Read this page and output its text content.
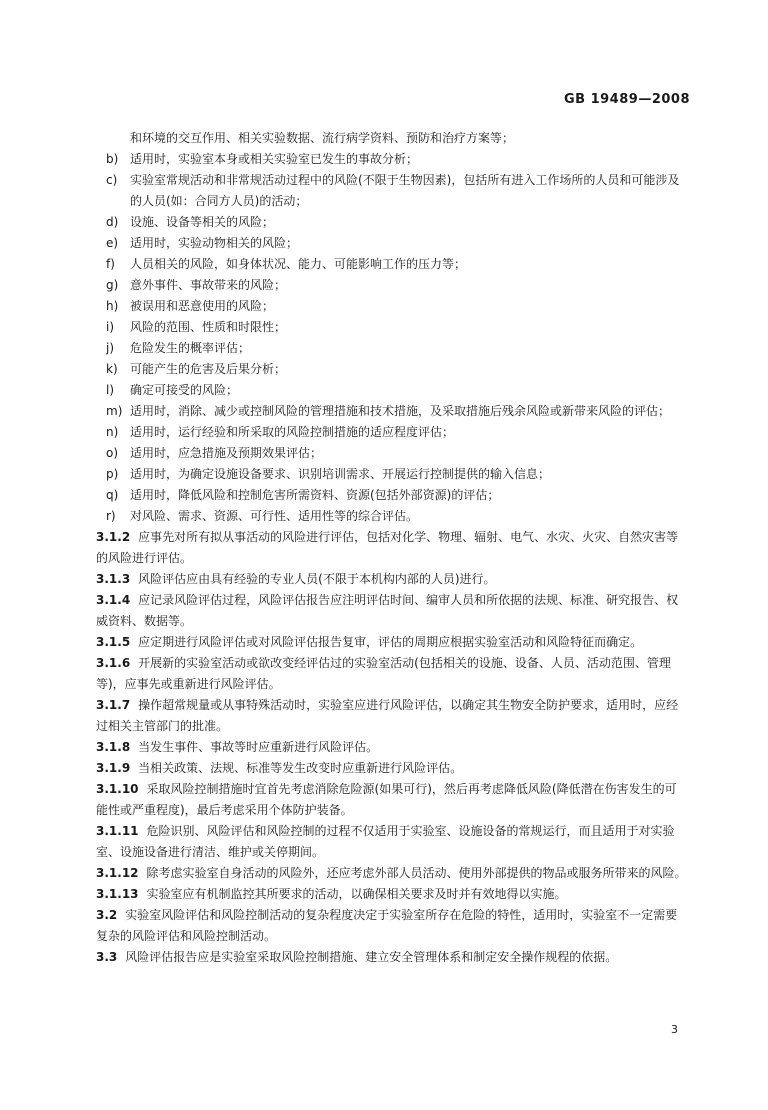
GB 19489—2008

和环境的交互作用、相关实验数据、流行病学资料、预防和治疗方案等；

b) 适用时，实验室本身或相关实验室已发生的事故分析；

c) 实验室常规活动和非常规活动过程中的风险(不限于生物因素)，包括所有进入工作场所的人员和可能涉及的人员(如：合同方人员)的活动；

d) 设施、设备等相关的风险；

e) 适用时，实验动物相关的风险；

f) 人员相关的风险，如身体状况、能力、可能影响工作的压力等；

g) 意外事件、事故带来的风险；

h) 被误用和恶意使用的风险；

i) 风险的范围、性质和时限性；

j) 危险发生的概率评估；

k) 可能产生的危害及后果分析；

l) 确定可接受的风险；

m) 适用时，消除、减少或控制风险的管理措施和技术措施，及采取措施后残余风险或新带来风险的评估；

n) 适用时，运行经验和所采取的风险控制措施的适应程度评估；

o) 适用时，应急措施及预期效果评估；

p) 适用时，为确定设施设备要求、识别培训需求、开展运行控制提供的输入信息；

q) 适用时，降低风险和控制危害所需资料、资源(包括外部资源)的评估；

r) 对风险、需求、资源、可行性、适用性等的综合评估。

3.1.2 应事先对所有拟从事活动的风险进行评估，包括对化学、物理、辐射、电气、水灾、火灾、自然灾害等的风险进行评估。

3.1.3 风险评估应由具有经验的专业人员(不限于本机构内部的人员)进行。

3.1.4 应记录风险评估过程，风险评估报告应注明评估时间、编审人员和所依据的法规、标准、研究报告、权威资料、数据等。

3.1.5 应定期进行风险评估或对风险评估报告复审，评估的周期应根据实验室活动和风险特征而确定。

3.1.6 开展新的实验室活动或欲改变经评估过的实验室活动(包括相关的设施、设备、人员、活动范围、管理等)，应事先或重新进行风险评估。

3.1.7 操作超常规量或从事特殊活动时，实验室应进行风险评估，以确定其生物安全防护要求，适用时，应经过相关主管部门的批准。

3.1.8 当发生事件、事故等时应重新进行风险评估。

3.1.9 当相关政策、法规、标准等发生改变时应重新进行风险评估。

3.1.10 采取风险控制措施时宜首先考虑消除危险源(如果可行)，然后再考虑降低风险(降低潜在伤害发生的可能性或严重程度)，最后考虑采用个体防护装备。

3.1.11 危险识别、风险评估和风险控制的过程不仅适用于实验室、设施设备的常规运行，而且适用于对实验室、设施设备进行清洁、维护或关停期间。

3.1.12 除考虑实验室自身活动的风险外，还应考虑外部人员活动、使用外部提供的物品或服务所带来的风险。

3.1.13 实验室应有机制监控其所要求的活动，以确保相关要求及时并有效地得以实施。

3.2 实验室风险评估和风险控制活动的复杂程度决定于实验室所存在危险的特性，适用时，实验室不一定需要复杂的风险评估和风险控制活动。

3.3 风险评估报告应是实验室采取风险控制措施、建立安全管理体系和制定安全操作规程的依据。

3
